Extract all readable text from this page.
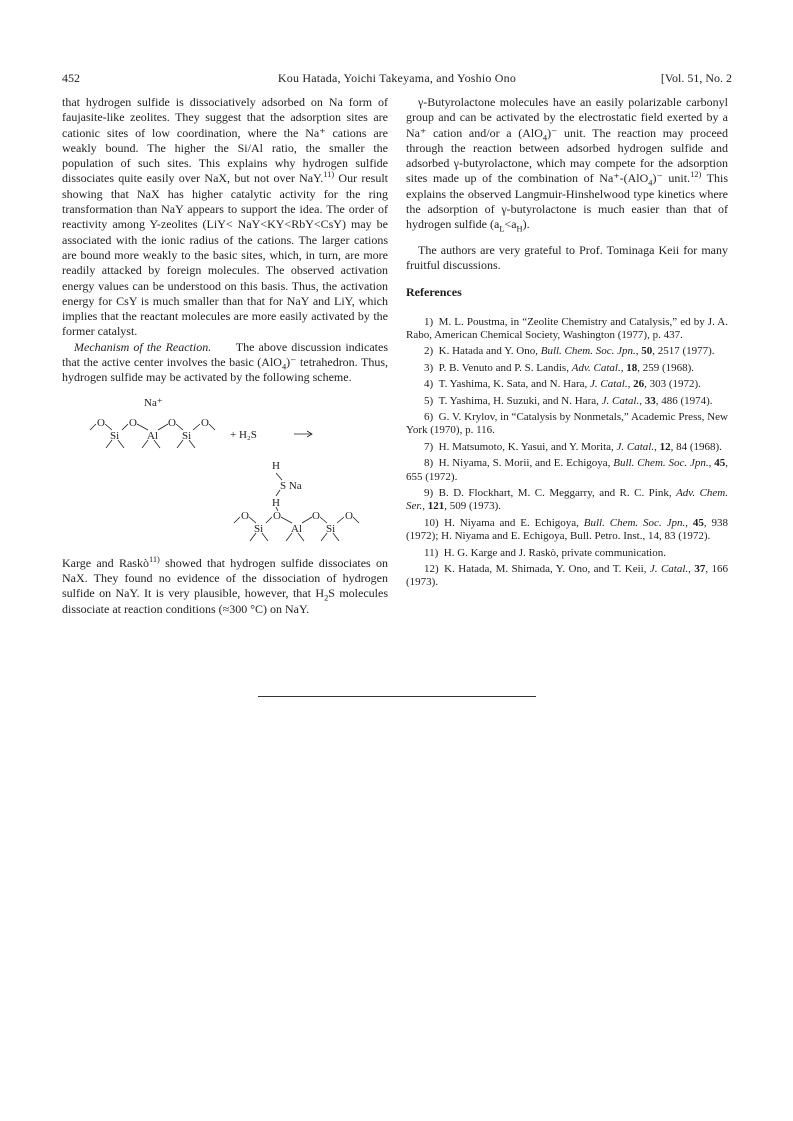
452	Kou Hatada, Yoichi Takeyama, and Yoshio Ono	[Vol. 51, No. 2

that hydrogen sulfide is dissociatively adsorbed on Na form of faujasite-like zeolites. They suggest that the adsorption sites are cationic sites of low coordination, where the Na⁺ cations are weakly bound. The higher the Si/Al ratio, the smaller the population of such sites. This explains why hydrogen sulfide dissociates quite easily over NaX, but not over NaY.$^{11)}$ Our result showing that NaX has higher catalytic activity for the ring transformation than NaY appears to support the idea. The order of reactivity among Y-zeolites (LiY< NaY<KY<RbY<CsY) may be associated with the ionic radius of the cations. The larger cations are bound more weakly to the basic sites, which, in turn, are more readily attacked by foreign molecules. The observed activation energy values can be understood on this basis. Thus, the activation energy for CsY is much smaller than that for NaY and LiY, which implies that the reactant molecules are more easily activated by the former catalyst.

Mechanism of the Reaction. The above discussion indicates that the active center involves the basic (AlO$_4$)⁻ tetrahedron. Thus, hydrogen sulfide may be activated by the following scheme.

Na⁺
O O	O O
Si	Al Si	+ H₂S
H
S Na
H
O O	O O
Si	Al Si

Karge and Raskò$^{11)}$ showed that hydrogen sulfide dissociates on NaX. They found no evidence of the dissociation of hydrogen sulfide on NaY. It is very plausible, however, that $H_2S$ molecules dissociate at reaction conditions (≈300 °C) on NaY.

γ-Butyrolactone molecules have an easily polarizable carbonyl group and can be activated by the electrostatic field exerted by a Na⁺ cation and/or a (AlO$_4$)⁻ unit. The reaction may proceed through the reaction between adsorbed hydrogen sulfide and adsorbed γ-butyrolactone, which may compete for the adsorption sites made up of the combination of Na⁺-(AlO$_4$)⁻ unit.$^{12)}$ This explains the observed Langmuir-Hinshelwood type kinetics where the adsorption of γ-butyrolactone is much easier than that of hydrogen sulfide $(a_L<a_H)$.

The authors are very grateful to Prof. Tominaga Keii for many fruitful discussions.

References

1)  M. L. Poustma, in “Zeolite Chemistry and Catalysis,” ed by J. A. Rabo, American Chemical Society, Washington (1977), p. 437.

2)  K. Hatada and Y. Ono, Bull. Chem. Soc. Jpn., 50, 2517 (1977).

3)  P. B. Venuto and P. S. Landis, Adv. Catal., 18, 259 (1968).

4)  T. Yashima, K. Sata, and N. Hara, J. Catal., 26, 303 (1972).

5)  T. Yashima, H. Suzuki, and N. Hara, J. Catal., 33, 486 (1974).

6)  G. V. Krylov, in “Catalysis by Nonmetals,” Academic Press, New York (1970), p. 116.

7)  H. Matsumoto, K. Yasui, and Y. Morita, J. Catal., 12, 84 (1968).

8)  H. Niyama, S. Morii, and E. Echigoya, Bull. Chem. Soc. Jpn., 45, 655 (1972).

9)  B. D. Flockhart, M. C. Meggarry, and R. C. Pink, Adv. Chem. Ser., 121, 509 (1973).

10)  H. Niyama and E. Echigoya, Bull. Chem. Soc. Jpn., 45, 938 (1972); H. Niyama and E. Echigoya, Bull. Petro. Inst., 14, 83 (1972).

11)  H. G. Karge and J. Raskò, private communication.

12)  K. Hatada, M. Shimada, Y. Ono, and T. Keii, J. Catal., 37, 166 (1973).
